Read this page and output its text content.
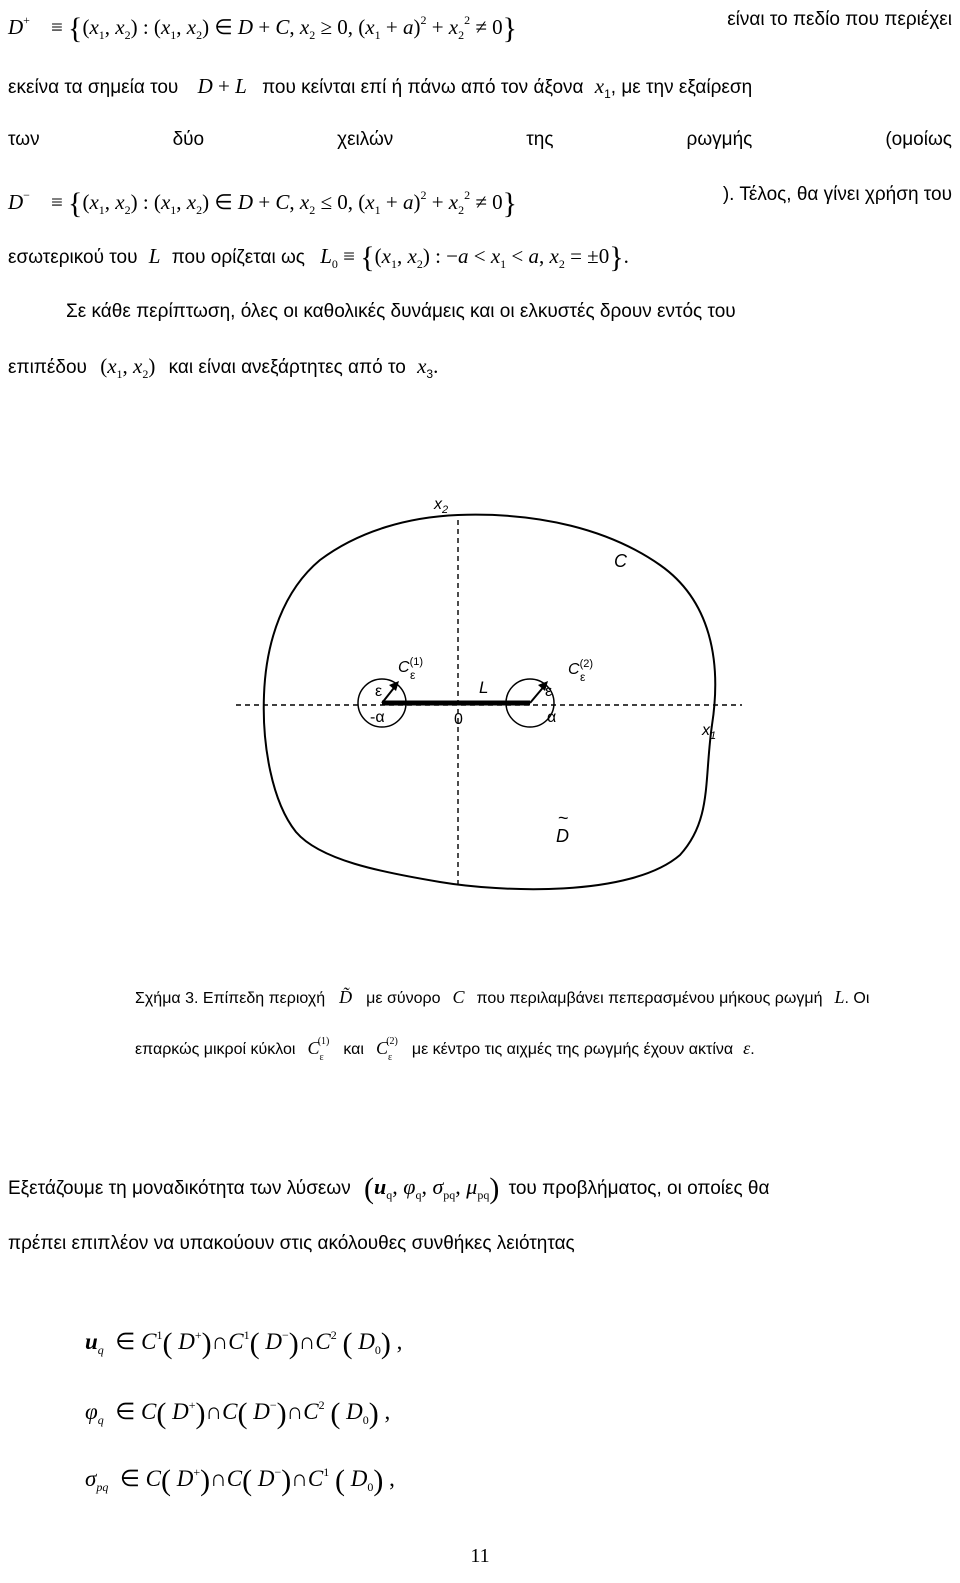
D+    ≡ {($x_1$, $x_2$) : ($x_1$, $x_2$) ∈ D + C, $x_2 \ge 0$, $(x_1 + a)^2 + x_2^2 \ne 0$}	είναι το πεδίο που περιέχει
εκείνα τα σημεία του D + L που κείνται επί ή πάνω από τον άξονα $x_1$, με την εξαίρεση
των	δύο	χειλών	της	ρωγμής	(ομοίως
D−    ≡ {($x_1$, $x_2$) : ($x_1$, $x_2$) ∈ D + C, $x_2 \le 0$, $(x_1 + a)^2 + x_2^2 \ne 0$}	). Τέλος, θα γίνει χρήση του
εσωτερικού του L που ορίζεται ως $L_0 \equiv \{(x_1$, $x_2$) : $-a < x_1 < a$, $x_2 = \pm 0$}.
Σε κάθε περίπτωση, όλες οι καθολικές δυνάμεις και οι ελκυστές δρουν εντός του
επιπέδου ($x_1$, $x_2$) και είναι ανεξάρτητες από το $x_3$.
$x_2$
C
$C^{(1)}$
ε	$C^{(2)}$
ε
ε	ε
L
-α	0	α
$x_1$
~
D
Σχήμα 3. Επίπεδη περιοχή D̃ με σύνορο C που περιλαμβάνει πεπερασμένου μήκους ρωγμή L. Οι
επαρκώς μικροί κύκλοι $C_\varepsilon^{(1)}$ και $C_\varepsilon^{(2)}$ με κέντρο τις αιχμές της ρωγμής έχουν ακτίνα ε.
Εξετάζουμε τη μοναδικότητα των λύσεων ($u_q$, $\varphi_q$, $\sigma_{pq}$, $\mu_{pq}$) του προβλήματος, οι οποίες θα
πρέπει επιπλέον να υπακούουν στις ακόλουθες συνθήκες λειότητας
$u_q$  ∈ $C^1$( $D^+)\cap C^1$( $D^-)\cap C^2$ ( $D_0$) ,
$\varphi_q$  ∈ C( D+)∩C( $D^-)\cap C^2$ ( $D_0$) ,
$\sigma_{pq}$  ∈ C( D+)∩C( $D^-)\cap C^1$ ( $D_0$) ,
11
